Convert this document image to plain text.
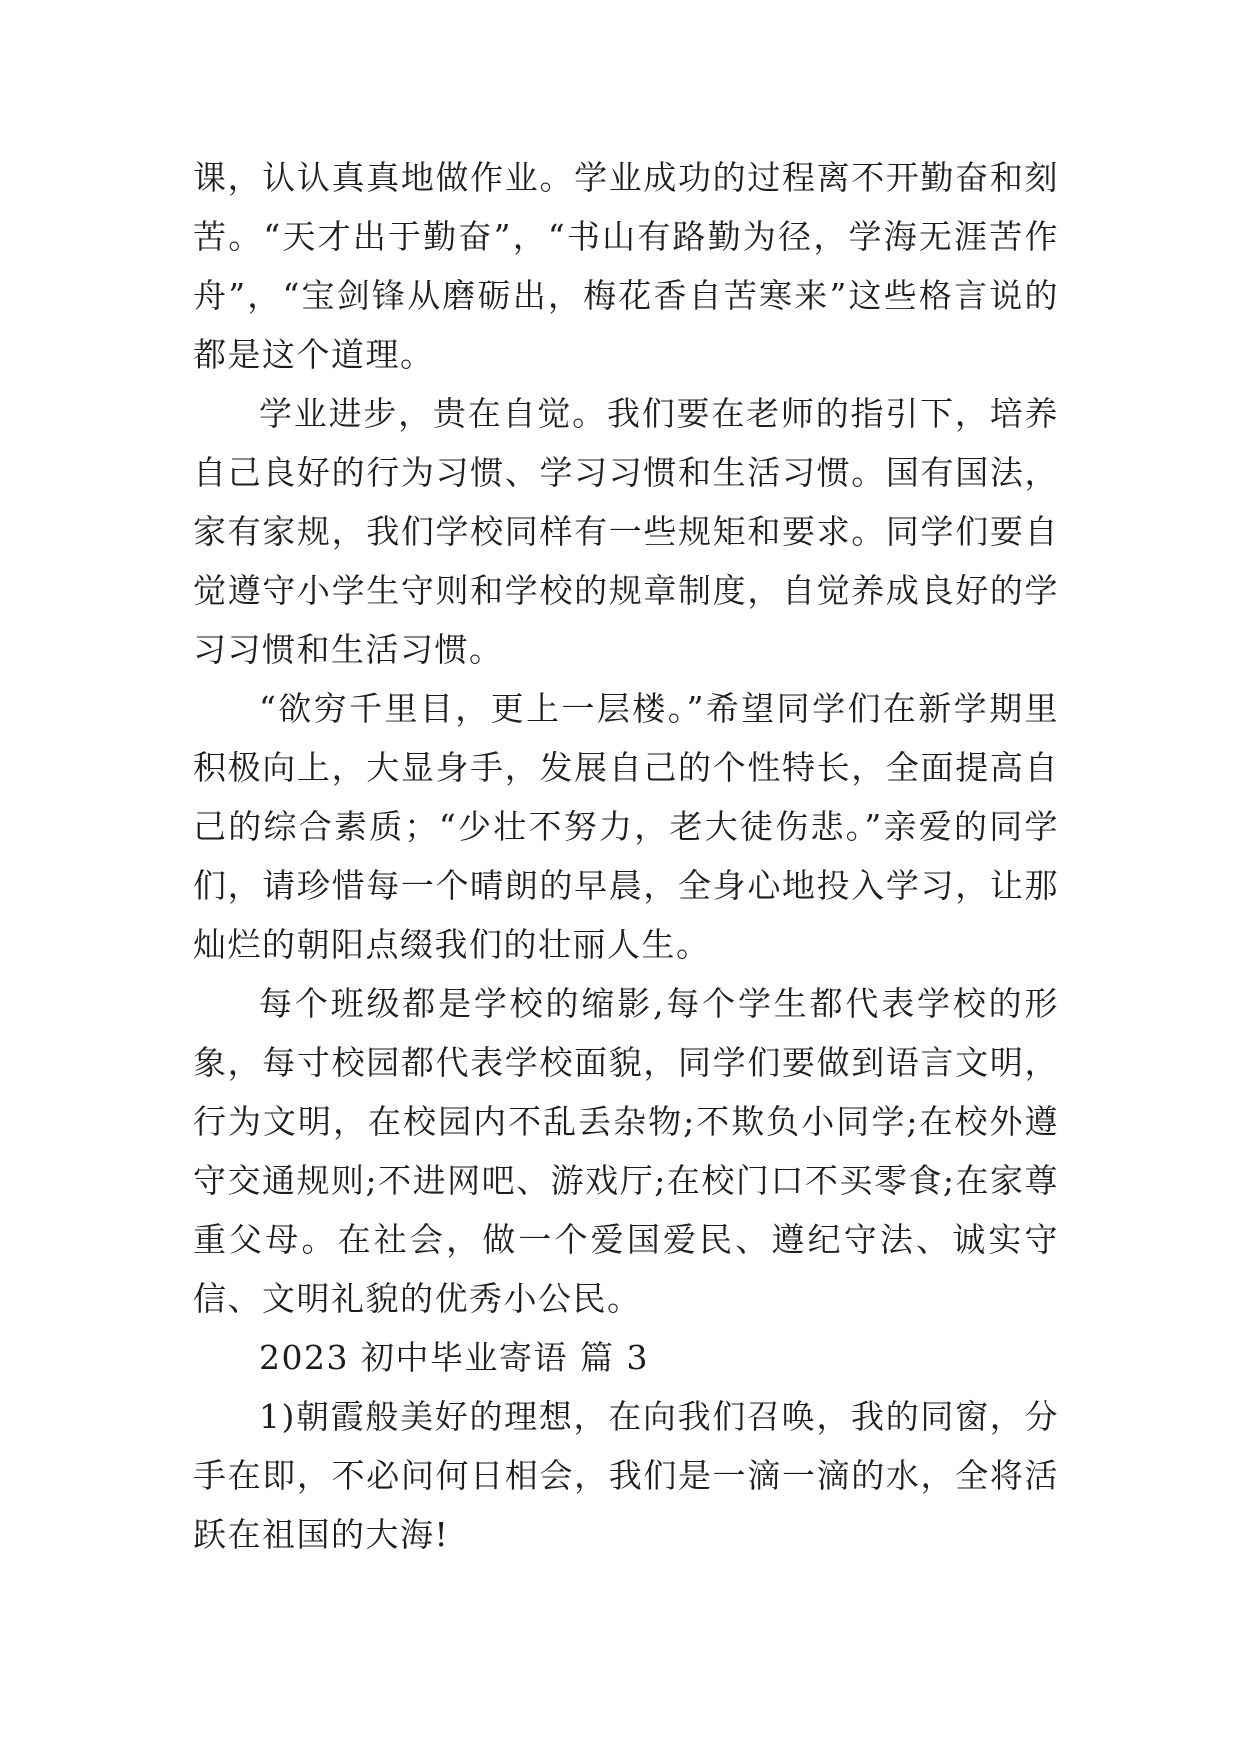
课，认认真真地做作业。学业成功的过程离不开勤奋和刻苦。“天才出于勤奋”，“书山有路勤为径，学海无涯苦作舟”，“宝剑锋从磨砺出，梅花香自苦寒来”这些格言说的都是这个道理。

学业进步，贵在自觉。我们要在老师的指引下，培养自己良好的行为习惯、学习习惯和生活习惯。国有国法，家有家规，我们学校同样有一些规矩和要求。同学们要自觉遵守小学生守则和学校的规章制度，自觉养成良好的学习习惯和生活习惯。

“欲穷千里目，更上一层楼。”希望同学们在新学期里积极向上，大显身手，发展自己的个性特长，全面提高自己的综合素质；“少壮不努力，老大徒伤悲。”亲爱的同学们，请珍惜每一个晴朗的早晨，全身心地投入学习，让那灿烂的朝阳点缀我们的壮丽人生。

每个班级都是学校的缩影,每个学生都代表学校的形象，每寸校园都代表学校面貌，同学们要做到语言文明，行为文明，在校园内不乱丢杂物;不欺负小同学;在校外遵守交通规则;不进网吧、游戏厅;在校门口不买零食;在家尊重父母。在社会，做一个爱国爱民、遵纪守法、诚实守信、文明礼貌的优秀小公民。

2023 初中毕业寄语 篇 3

1)朝霞般美好的理想，在向我们召唤，我的同窗，分手在即，不必问何日相会，我们是一滴一滴的水，全将活跃在祖国的大海!
